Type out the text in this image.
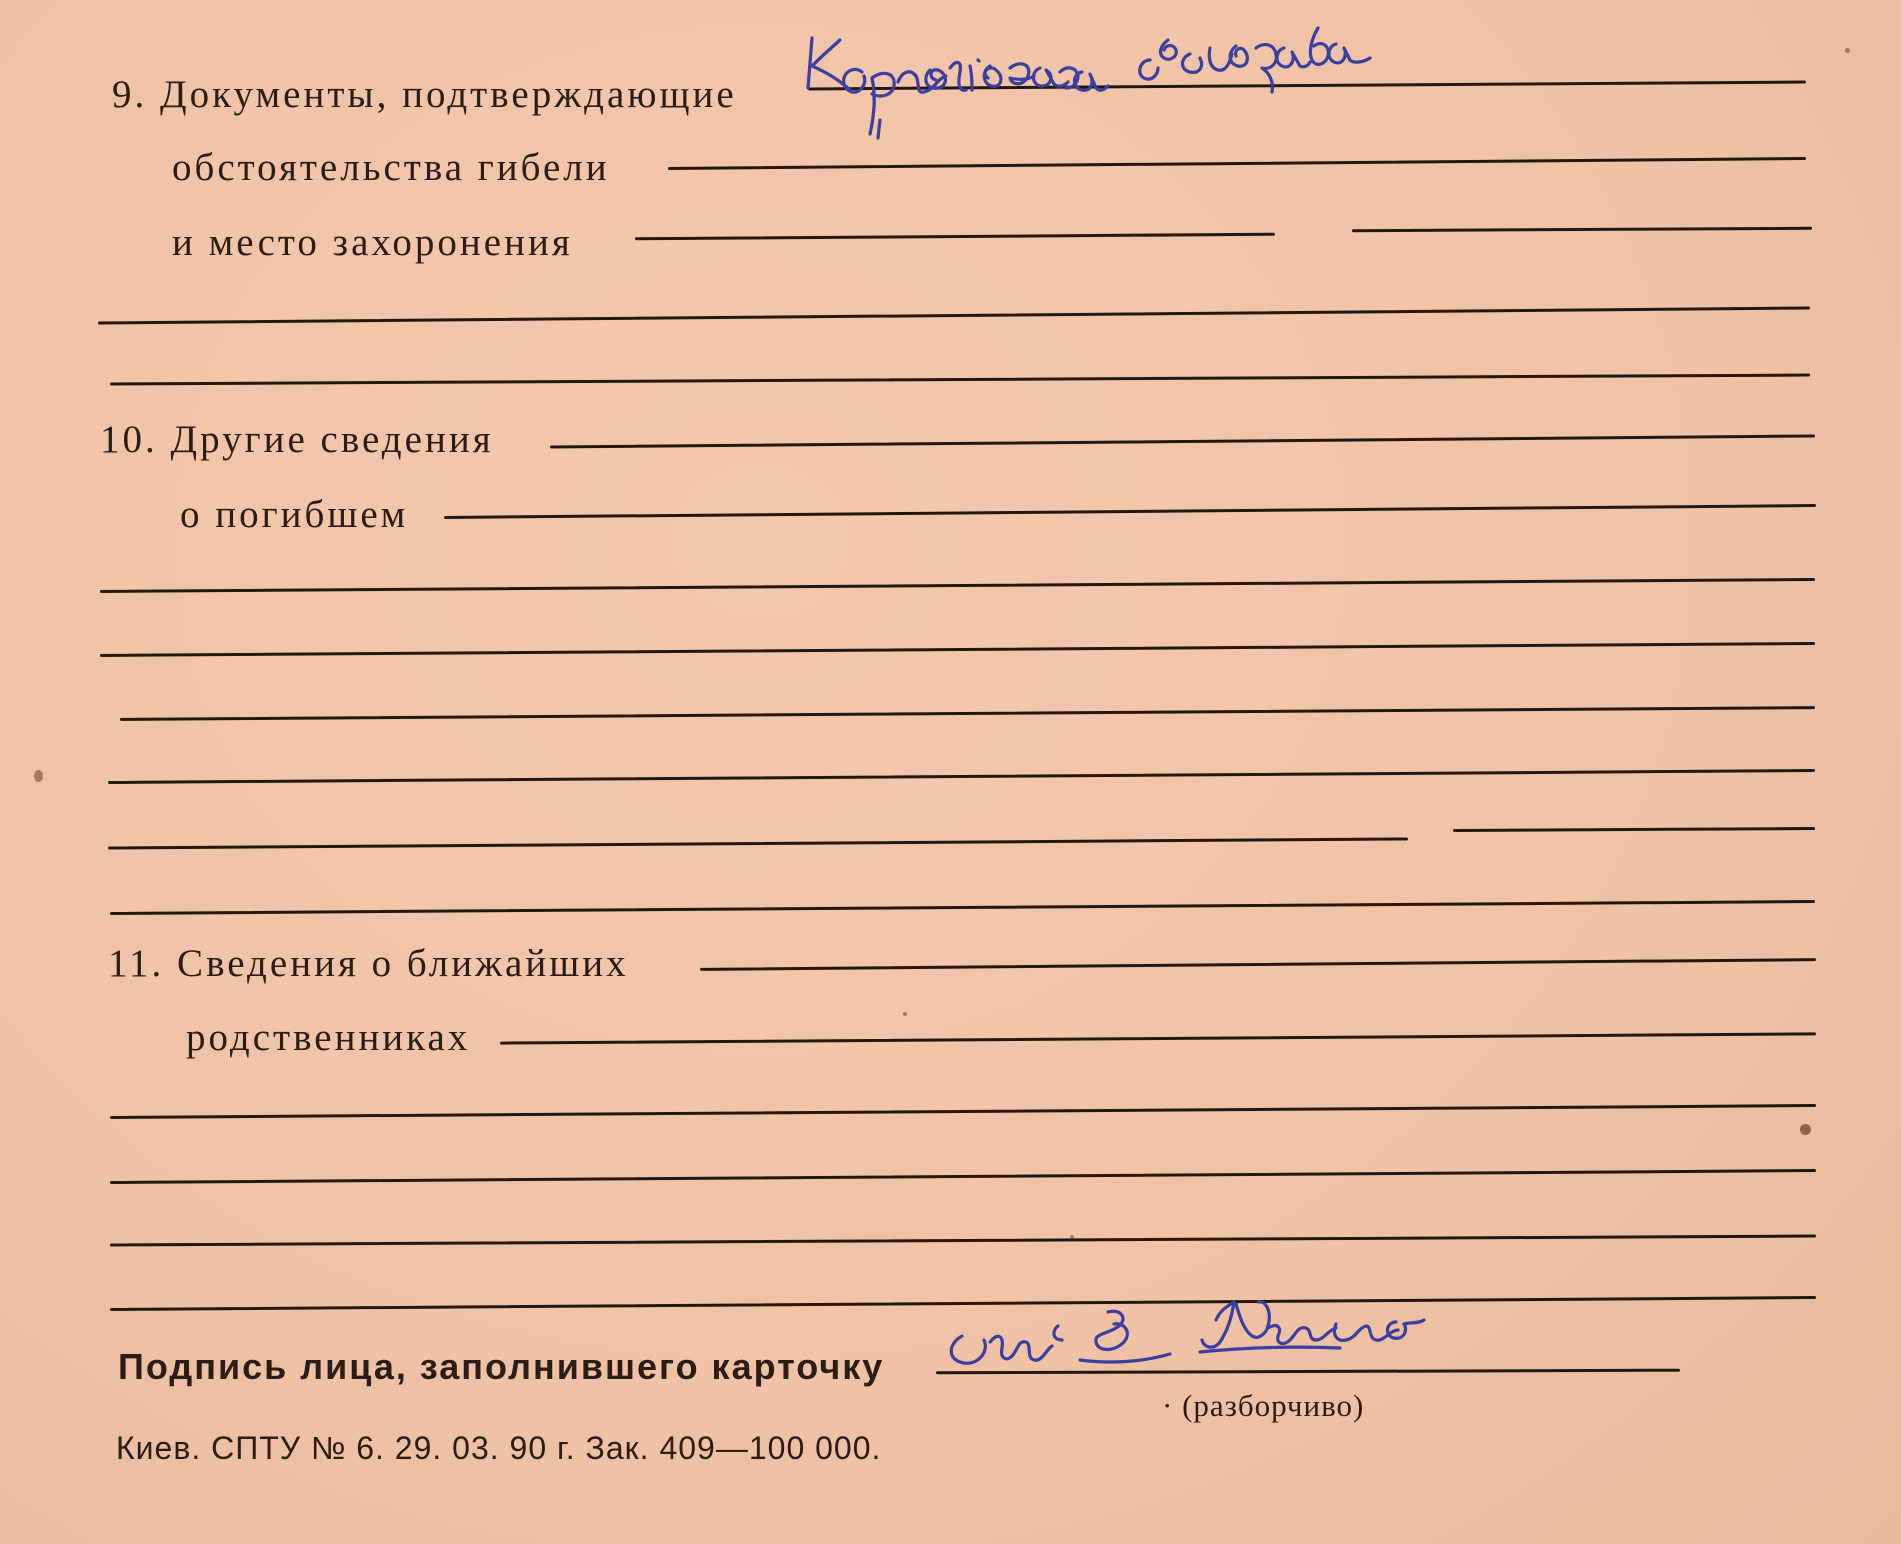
9. Документы, подтверждающие
обстоятельства гибели
и место захоронения
10. Другие сведения
о погибшем
11. Сведения о ближайших
родственниках
Подпись лица, заполнившего карточку
· (разборчиво)
Киев. СПТУ № 6. 29. 03. 90 г. Зак. 409—100 000.
